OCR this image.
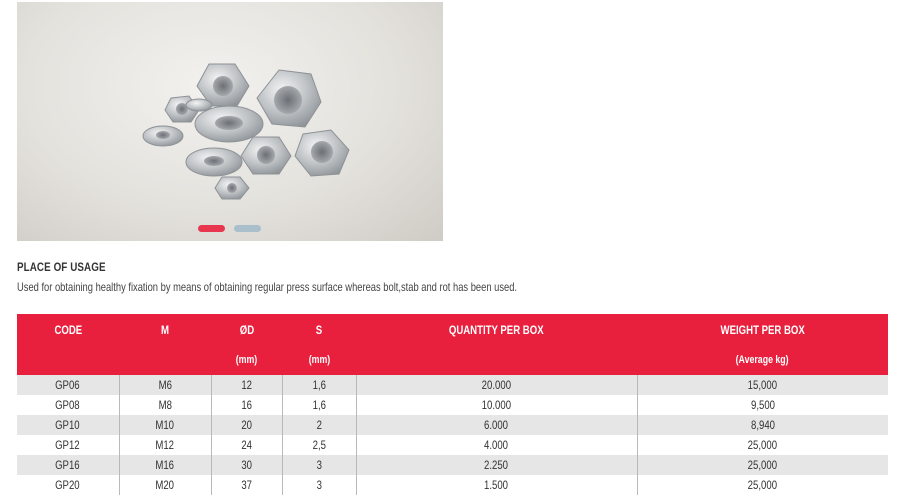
PLACE OF USAGE
Used for obtaining healthy fixation by means of obtaining regular press surface whereas bolt,stab and rot has been used.
CODE	M	ØD	S	QUANTITY PER BOX	WEIGHT PER BOX
		(mm)	(mm)		(Average kg)
GP06	M6	12	1,6	20.000	15,000
GP08	M8	16	1,6	10.000	9,500
GP10	M10	20	2	6.000	8,940
GP12	M12	24	2,5	4.000	25,000
GP16	M16	30	3	2.250	25,000
GP20	M20	37	3	1.500	25,000
